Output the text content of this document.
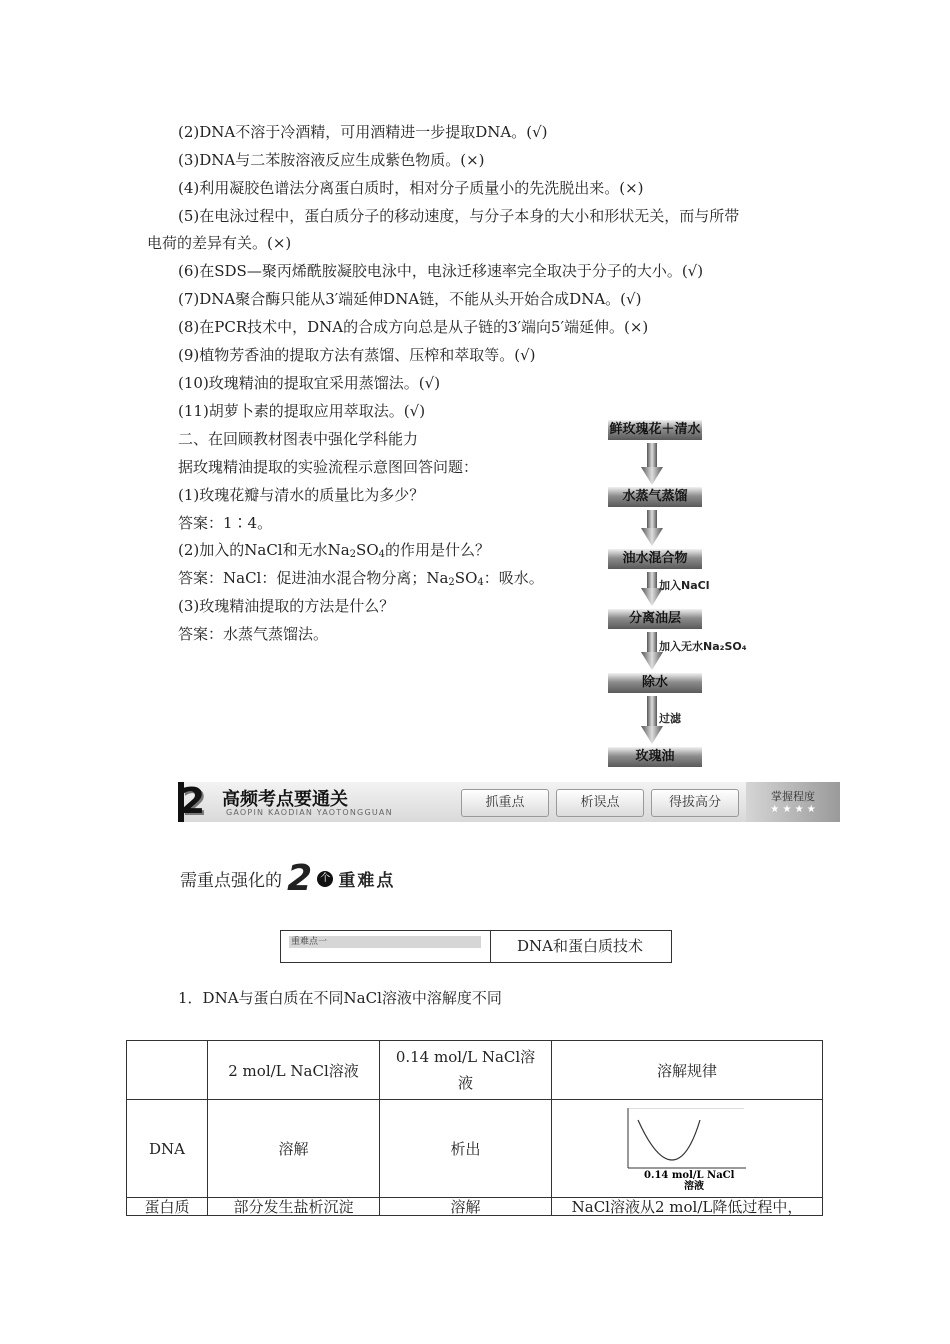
(2)DNA不溶于冷酒精，可用酒精进一步提取DNA。(√)
(3)DNA与二苯胺溶液反应生成紫色物质。(×)
(4)利用凝胶色谱法分离蛋白质时，相对分子质量小的先洗脱出来。(×)
(5)在电泳过程中，蛋白质分子的移动速度，与分子本身的大小和形状无关，而与所带
电荷的差异有关。(×)
(6)在SDS—聚丙烯酰胺凝胶电泳中，电泳迁移速率完全取决于分子的大小。(√)
(7)DNA聚合酶只能从3′端延伸DNA链，不能从头开始合成DNA。(√)
(8)在PCR技术中，DNA的合成方向总是从子链的3′端向5′端延伸。(×)
(9)植物芳香油的提取方法有蒸馏、压榨和萃取等。(√)
(10)玫瑰精油的提取宜采用蒸馏法。(√)
(11)胡萝卜素的提取应用萃取法。(√)
二、在回顾教材图表中强化学科能力
据玫瑰精油提取的实验流程示意图回答问题：
(1)玫瑰花瓣与清水的质量比为多少？
答案：1∶4。
(2)加入的NaCl和无水$Na_2SO_4$的作用是什么？
答案：NaCl：促进油水混合物分离；$Na_2SO_4$：吸水。
(3)玫瑰精油提取的方法是什么？
答案：水蒸气蒸馏法。
鲜玫瑰花＋清水
水蒸气蒸馏
油水混合物
加入NaCl
分离油层
加入无水Na₂SO₄
除水
过滤
玫瑰油
2 高频考点要通关
GAOPIN KAODIAN YAOTONGGUAN
抓重点	析误点	得拔高分	掌握程度
★ ★ ★ ★
需重点强化的 2 个 重难点
重难点一	DNA和蛋白质技术
1．DNA与蛋白质在不同NaCl溶液中溶解度不同
	2 mol/L NaCl溶液	0.14 mol/L NaCl溶
液	溶解规律
DNA	溶解	析出	0.14 mol/L NaCl
溶液

蛋白质	部分发生盐析沉淀	溶解	NaCl溶液从2 mol/L降低过程中，
